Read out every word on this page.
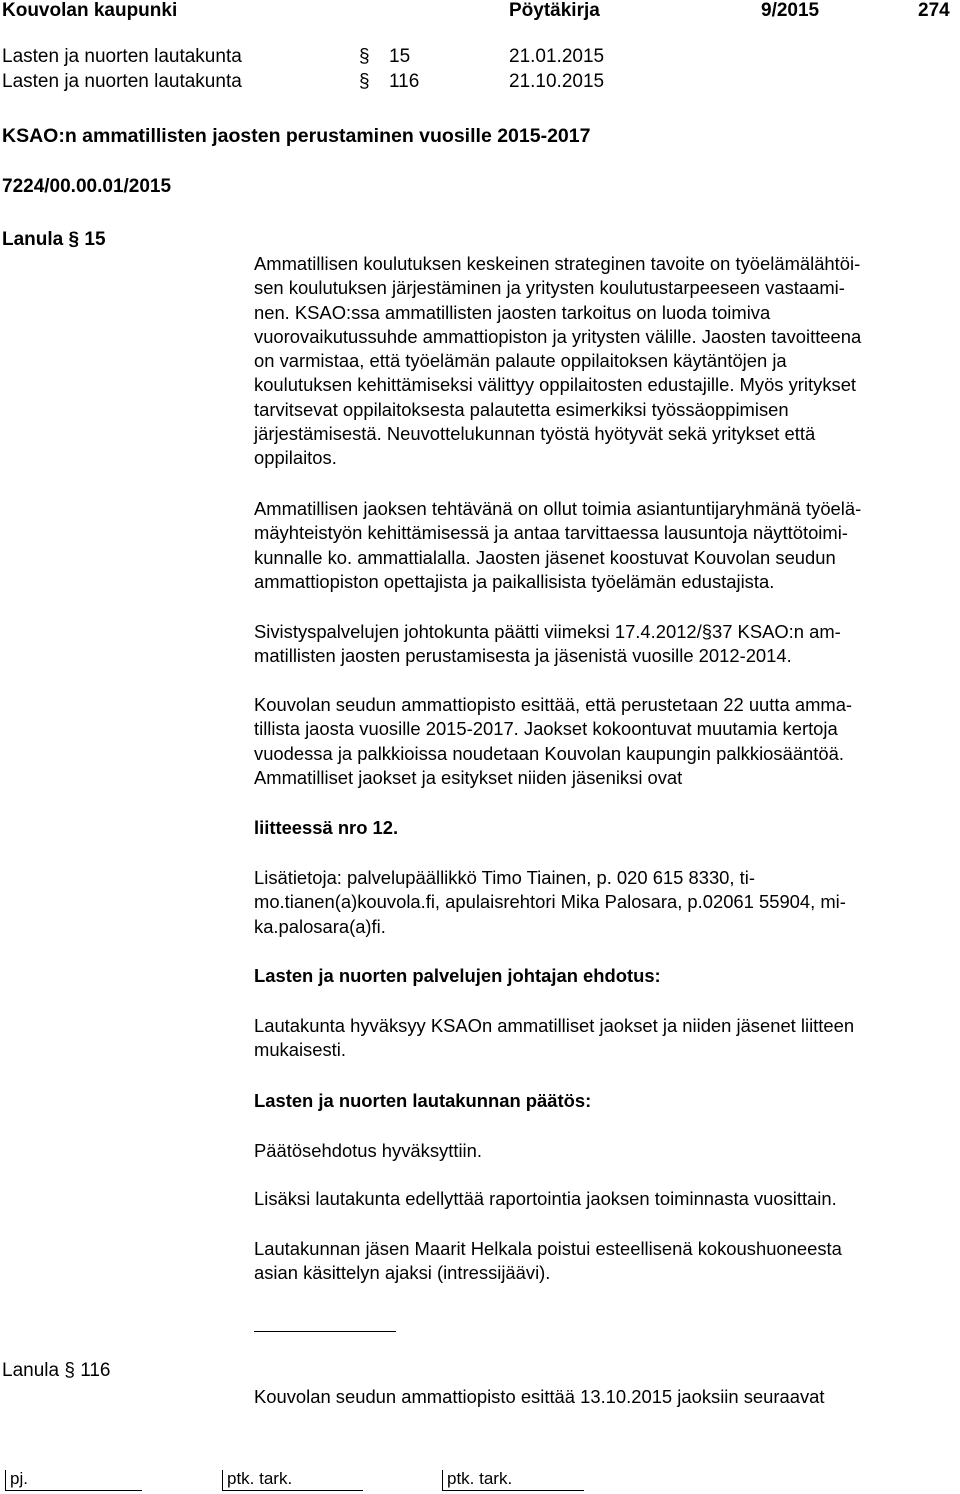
Kouvolan kaupunki	Pöytäkirja	9/2015	274
Lasten ja nuorten lautakunta	§ 15	21.01.2015
Lasten ja nuorten lautakunta	§ 116	21.10.2015
KSAO:n ammatillisten jaosten perustaminen vuosille 2015-2017
7224/00.00.01/2015
Lanula § 15

Ammatillisen koulutuksen keskeinen strateginen tavoite on työelämälähtöi-

sen koulutuksen järjestäminen ja yritysten koulutustarpeeseen vastaami-

nen. KSAO:ssa ammatillisten jaosten tarkoitus on luoda toimiva

vuorovaikutussuhde ammattiopiston ja yritysten välille. Jaosten tavoitteena

on varmistaa, että työelämän palaute oppilaitoksen käytäntöjen ja

koulutuksen kehittämiseksi välittyy oppilaitosten edustajille. Myös yritykset

tarvitsevat oppilaitoksesta palautetta esimerkiksi työssäoppimisen

järjestämisestä. Neuvottelukunnan työstä hyötyvät sekä yritykset että

oppilaitos.

Ammatillisen jaoksen tehtävänä on ollut toimia asiantuntijaryhmänä työelä-

mäyhteistyön kehittämisessä ja antaa tarvittaessa lausuntoja näyttötoimi-

kunnalle ko. ammattialalla. Jaosten jäsenet koostuvat Kouvolan seudun

ammattiopiston opettajista ja paikallisista työelämän edustajista.

Sivistyspalvelujen johtokunta päätti viimeksi 17.4.2012/§37 KSAO:n am-

matillisten jaosten perustamisesta ja jäsenistä vuosille 2012-2014.

Kouvolan seudun ammattiopisto esittää, että perustetaan 22 uutta amma-

tillista jaosta vuosille 2015-2017. Jaokset kokoontuvat muutamia kertoja

vuodessa ja palkkioissa noudetaan Kouvolan kaupungin palkkiosääntöä.

Ammatilliset jaokset ja esitykset niiden jäseniksi ovat

liitteessä nro 12.

Lisätietoja: palvelupäällikkö Timo Tiainen, p. 020 615 8330, ti-

mo.tianen(a)kouvola.fi, apulaisrehtori Mika Palosara, p.02061 55904, mi-

ka.palosara(a)fi.

Lasten ja nuorten palvelujen johtajan ehdotus:

Lautakunta hyväksyy KSAOn ammatilliset jaokset ja niiden jäsenet liitteen

mukaisesti.

Lasten ja nuorten lautakunnan päätös:

Päätösehdotus hyväksyttiin.

Lisäksi lautakunta edellyttää raportointia jaoksen toiminnasta vuosittain.

Lautakunnan jäsen Maarit Helkala poistui esteellisenä kokoushuoneesta

asian käsittelyn ajaksi (intressijäävi).

Lanula § 116

Kouvolan seudun ammattiopisto esittää 13.10.2015 jaoksiin seuraavat

pj.	ptk. tark.	ptk. tark.
